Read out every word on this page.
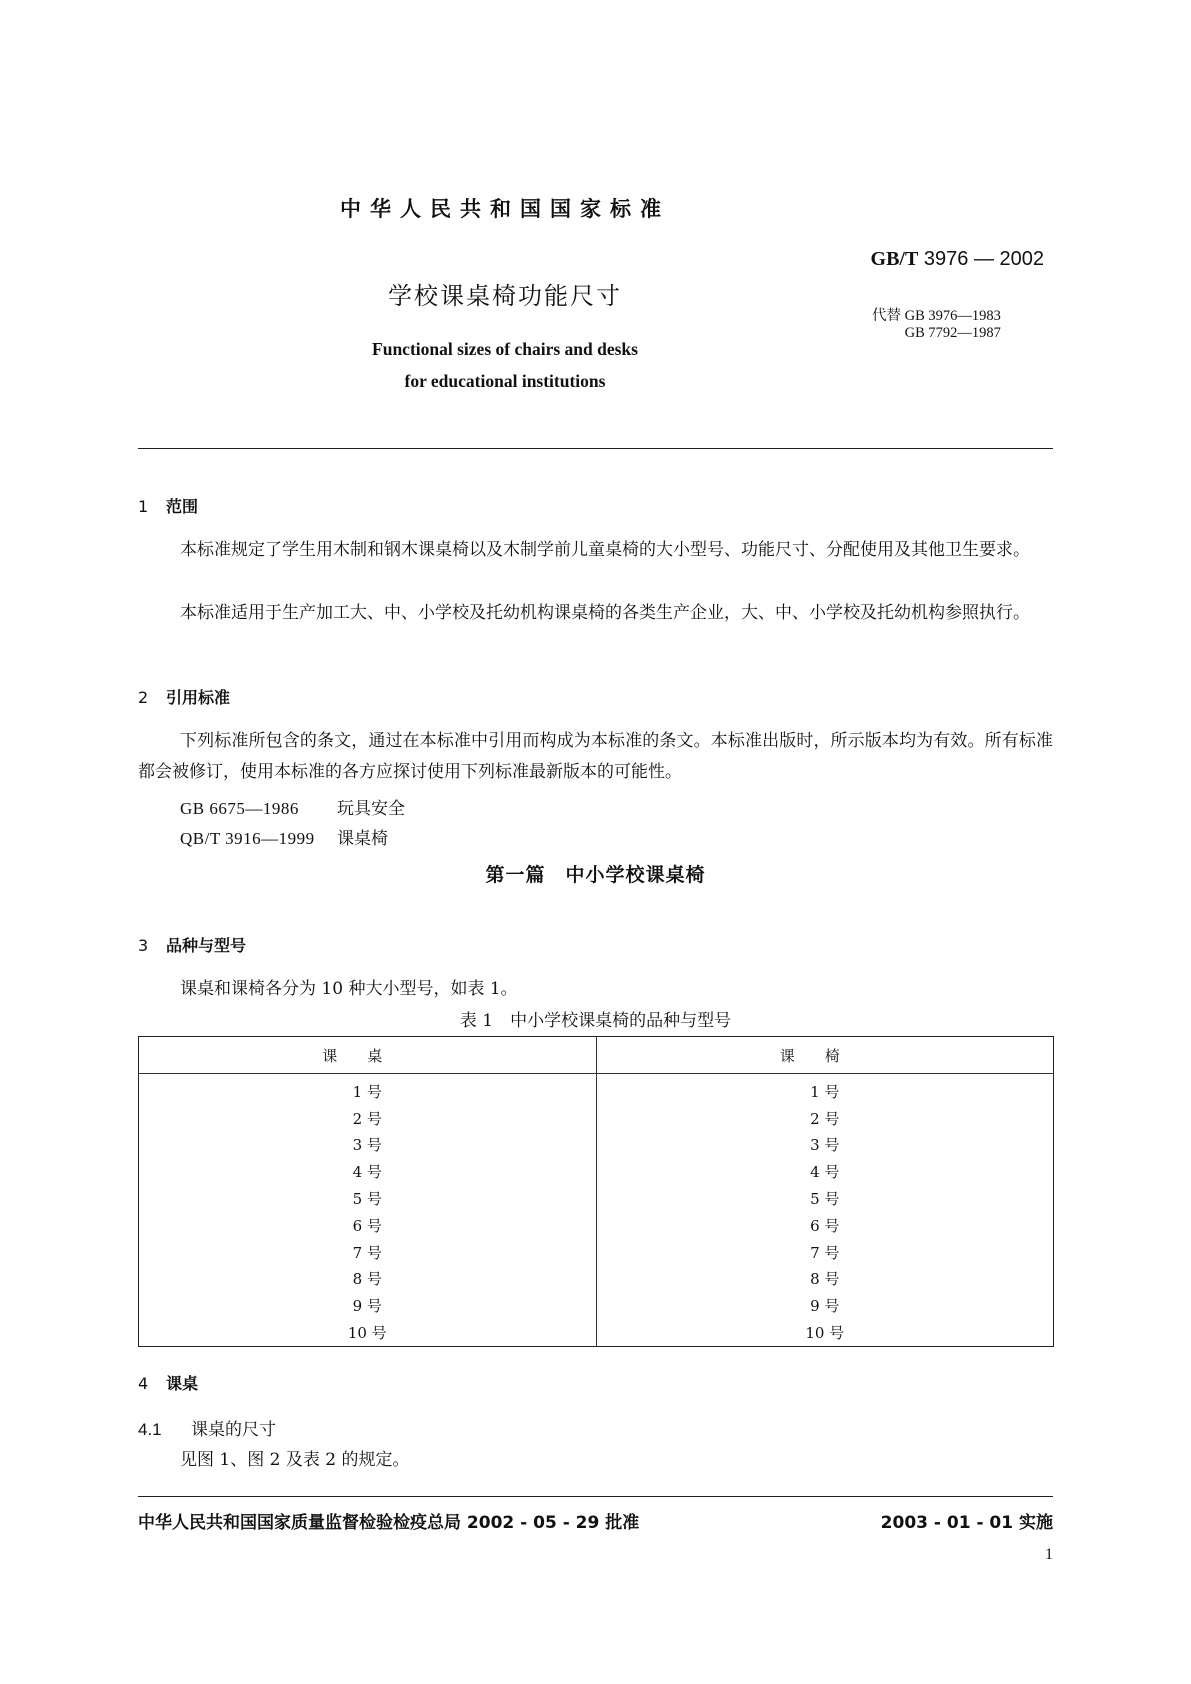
中华人民共和国国家标准
GB/T 3976 — 2002
学校课桌椅功能尺寸
代替 GB 3976—1983
GB 7792—1987
Functional sizes of chairs and desks
for educational institutions
1 范围
本标准规定了学生用木制和钢木课桌椅以及木制学前儿童桌椅的大小型号、功能尺寸、分配使用及其他卫生要求。
本标准适用于生产加工大、中、小学校及托幼机构课桌椅的各类生产企业，大、中、小学校及托幼机构参照执行。
2 引用标准
下列标准所包含的条文，通过在本标准中引用而构成为本标准的条文。本标准出版时，所示版本均为有效。所有标准都会被修订，使用本标准的各方应探讨使用下列标准最新版本的可能性。
GB 6675—1986 玩具安全
QB/T 3916—1999 课桌椅
第一篇　中小学校课桌椅
3 品种与型号
课桌和课椅各分为 10 种大小型号，如表 1。
表 1　中小学校课桌椅的品种与型号
课桌	课椅
1 号	1 号
2 号	2 号
3 号	3 号
4 号	4 号
5 号	5 号
6 号	6 号
7 号	7 号
8 号	8 号
9 号	9 号
10 号	10 号
4 课桌
4.1 课桌的尺寸
见图 1、图 2 及表 2 的规定。
中华人民共和国国家质量监督检验检疫总局 2002 - 05 - 29 批准	2003 - 01 - 01 实施
1
